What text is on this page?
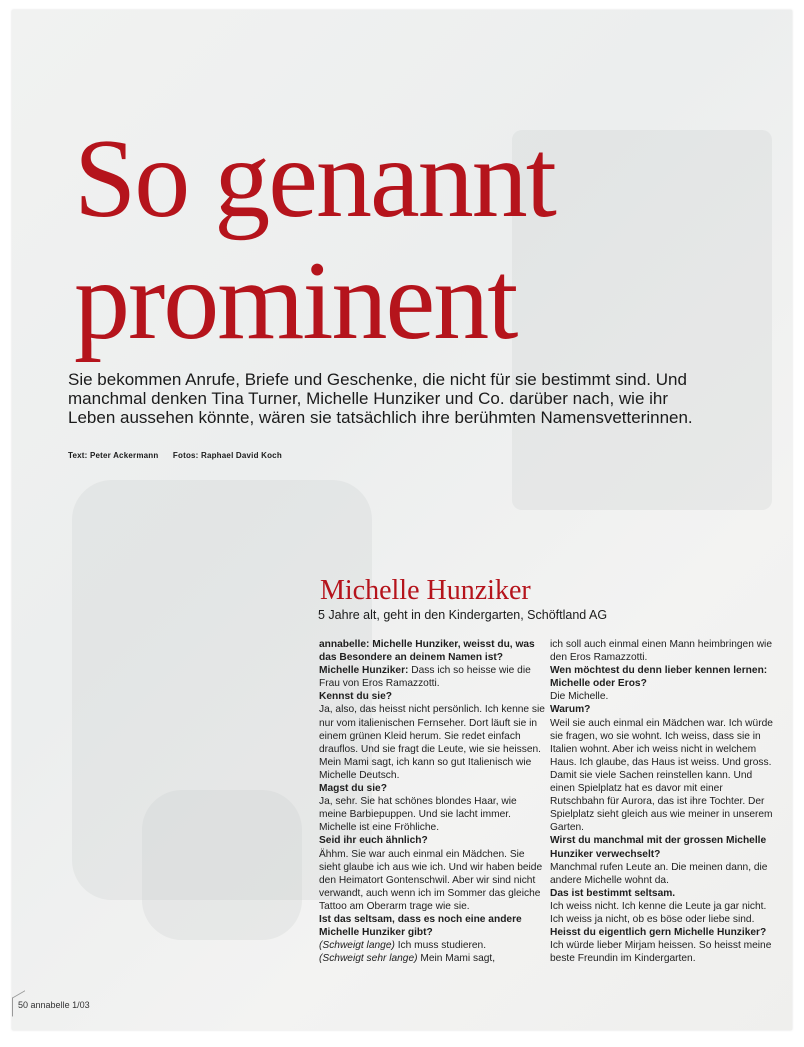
So genannt
prominent

Sie bekommen Anrufe, Briefe und Geschenke, die nicht für sie bestimmt sind. Und manchmal denken Tina Turner, Michelle Hunziker und Co. darüber nach, wie ihr Leben aussehen könnte, wären sie tatsächlich ihre berühmten Namensvetterinnen.

Text: Peter Ackermann Fotos: Raphael David Koch
Michelle Hunziker

5 Jahre alt, geht in den Kindergarten, Schöftland AG

annabelle: Michelle Hunziker, weisst du, was das Besondere an deinem Namen ist?

Michelle Hunziker: Dass ich so heisse wie die Frau von Eros Ramazzotti.

Kennst du sie?

Ja, also, das heisst nicht persönlich. Ich kenne sie nur vom italienischen Fernseher. Dort läuft sie in einem grünen Kleid herum. Sie redet einfach drauflos. Und sie fragt die Leute, wie sie heissen. Mein Mami sagt, ich kann so gut Italienisch wie Michelle Deutsch.

Magst du sie?

Ja, sehr. Sie hat schönes blondes Haar, wie meine Barbiepuppen. Und sie lacht immer. Michelle ist eine Fröhliche.

Seid ihr euch ähnlich?

Ähhm. Sie war auch einmal ein Mädchen. Sie sieht glaube ich aus wie ich. Und wir haben beide den Heimatort Gontenschwil. Aber wir sind nicht verwandt, auch wenn ich im Sommer das gleiche Tattoo am Oberarm trage wie sie.

Ist das seltsam, dass es noch eine andere Michelle Hunziker gibt?

(Schweigt lange) Ich muss studieren.

(Schweigt sehr lange) Mein Mami sagt,

ich soll auch einmal einen Mann heimbringen wie den Eros Ramazzotti.

Wen möchtest du denn lieber kennen lernen: Michelle oder Eros?

Die Michelle.

Warum?

Weil sie auch einmal ein Mädchen war. Ich würde sie fragen, wo sie wohnt. Ich weiss, dass sie in Italien wohnt. Aber ich weiss nicht in welchem Haus. Ich glaube, das Haus ist weiss. Und gross. Damit sie viele Sachen reinstellen kann. Und einen Spielplatz hat es davor mit einer Rutschbahn für Aurora, das ist ihre Tochter. Der Spielplatz sieht gleich aus wie meiner in unserem Garten.

Wirst du manchmal mit der grossen Michelle Hunziker verwechselt?

Manchmal rufen Leute an. Die meinen dann, die andere Michelle wohnt da.

Das ist bestimmt seltsam.

Ich weiss nicht. Ich kenne die Leute ja gar nicht. Ich weiss ja nicht, ob es böse oder liebe sind.

Heisst du eigentlich gern Michelle Hunziker?

Ich würde lieber Mirjam heissen. So heisst meine beste Freundin im Kindergarten.

50 annabelle 1/03
